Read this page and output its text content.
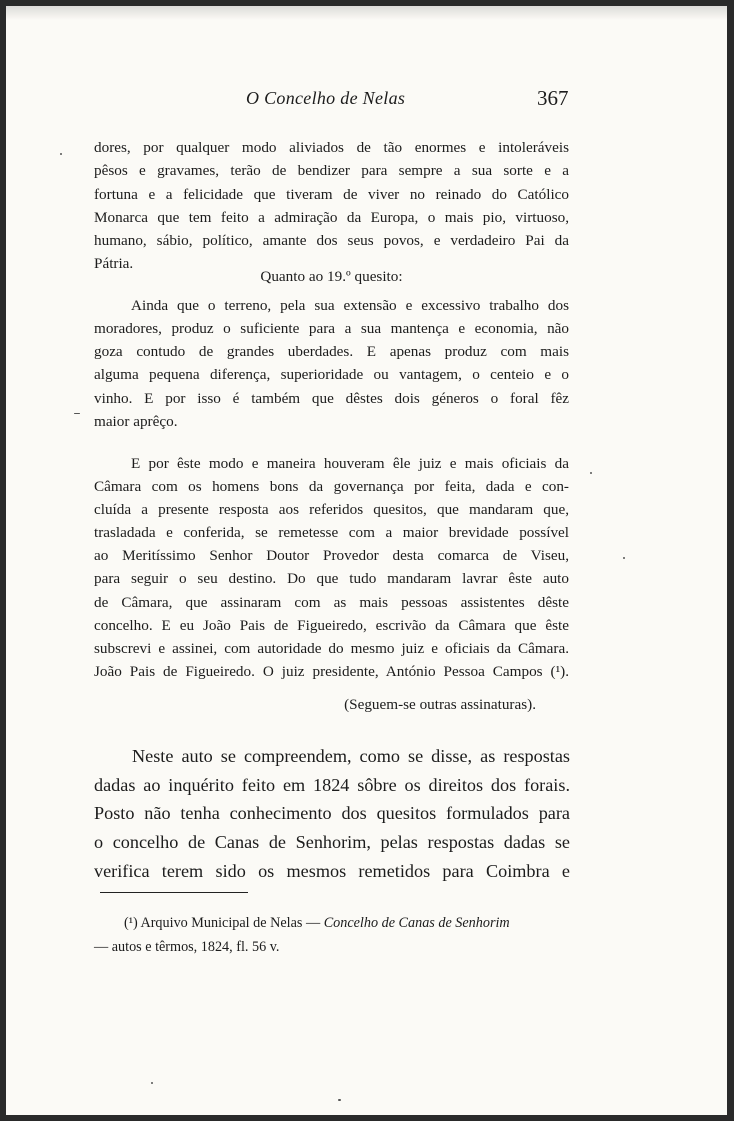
O Concelho de Nelas	367
dores, por qualquer modo aliviados de tão enormes e intoleráveis
pêsos e gravames, terão de bendizer para sempre a sua sorte e a
fortuna e a felicidade que tiveram de viver no reinado do Católico
Monarca que tem feito a admiração da Europa, o mais pio, virtuoso,
humano, sábio, político, amante dos seus povos, e verdadeiro Pai da
Pátria.
Quanto ao 19.º quesito:
Ainda que o terreno, pela sua extensão e excessivo trabalho dos
moradores, produz o suficiente para a sua mantença e economia, não
goza contudo de grandes uberdades. E apenas produz com mais
alguma pequena diferença, superioridade ou vantagem, o centeio e o
vinho. E por isso é também que dêstes dois géneros o foral fêz
maior aprêço.
E por êste modo e maneira houveram êle juiz e mais oficiais da
Câmara com os homens bons da governança por feita, dada e con-
cluída a presente resposta aos referidos quesitos, que mandaram que,
trasladada e conferida, se remetesse com a maior brevidade possível
ao Meritíssimo Senhor Doutor Provedor desta comarca de Viseu,
para seguir o seu destino. Do que tudo mandaram lavrar êste auto
de Câmara, que assinaram com as mais pessoas assistentes dêste
concelho. E eu João Pais de Figueiredo, escrivão da Câmara que êste
subscrevi e assinei, com autoridade do mesmo juiz e oficiais da Câmara.
João Pais de Figueiredo. O juiz presidente, António Pessoa Campos (¹).
(Seguem-se outras assinaturas).
Neste auto se compreendem, como se disse, as respostas
dadas ao inquérito feito em 1824 sôbre os direitos dos forais.
Posto não tenha conhecimento dos quesitos formulados para
o concelho de Canas de Senhorim, pelas respostas dadas se
verifica terem sido os mesmos remetidos para Coimbra e
(¹) Arquivo Municipal de Nelas — Concelho de Canas de Senhorim
— autos e têrmos, 1824, fl. 56 v.
